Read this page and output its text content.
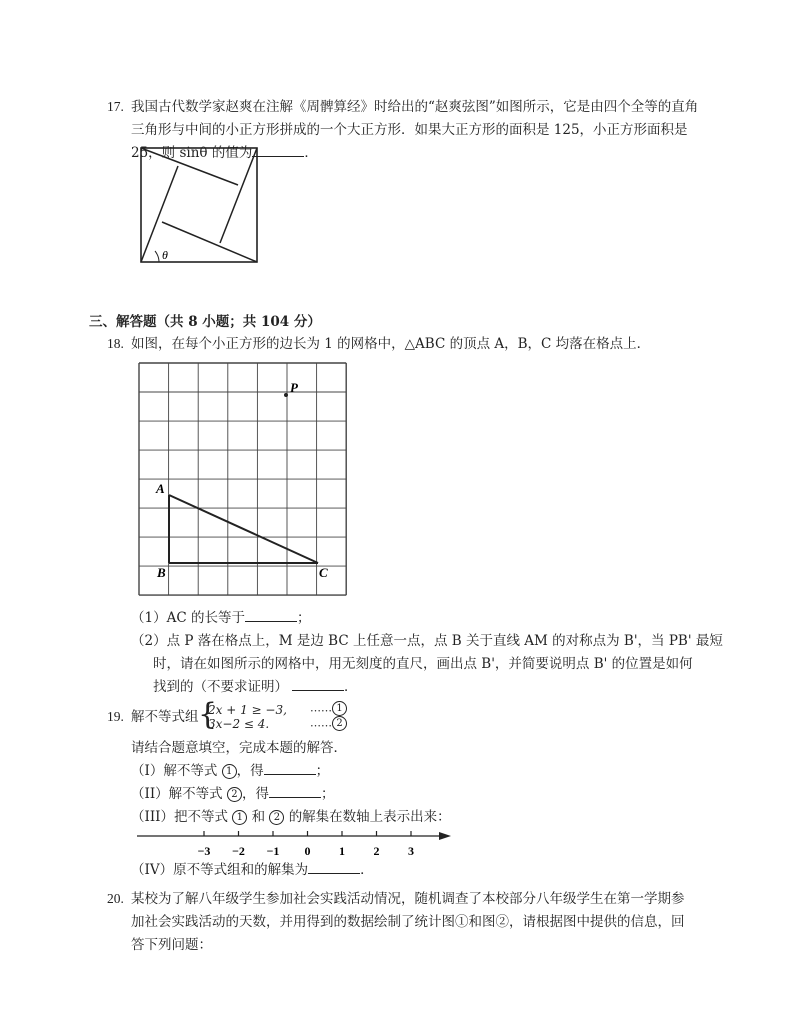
17. 我国古代数学家赵爽在注解《周髀算经》时给出的“赵爽弦图”如图所示，它是由四个全等的直角
三角形与中间的小正方形拼成的一个大正方形．如果大正方形的面积是 125，小正方形面积是
25，则 sinθ 的值为	．
θ
三、解答题（共 8 小题；共 104 分）
18. 如图，在每个小正方形的边长为 1 的网格中，△ABC 的顶点 A，B，C 均落在格点上．
P
A
B	C
（1）AC 的长等于	；
（2）点 P 落在格点上，M 是边 BC 上任意一点，点 B 关于直线 AM 的对称点为 B'，当 PB' 最短
时，请在如图所示的网格中，用无刻度的直尺，画出点 B'，并简要说明点 B' 的位置是如何
找到的（不要求证明）	．
19. 解不等式组 {
2x + 1 ≥ −3,
3x−2 ≤ 4.
…… 1
…… 2
请结合题意填空，完成本题的解答．
（I）解不等式 1 ，得	；
（II）解不等式 2 ，得	；
（III）把不等式 1 和 2 的解集在数轴上表示出来：
−3 −2 −1 0 1 2 3
（IV）原不等式组和的解集为	．
20. 某校为了解八年级学生参加社会实践活动情况，随机调查了本校部分八年级学生在第一学期参
加社会实践活动的天数，并用得到的数据绘制了统计图①和图②，请根据图中提供的信息，回
答下列问题：
